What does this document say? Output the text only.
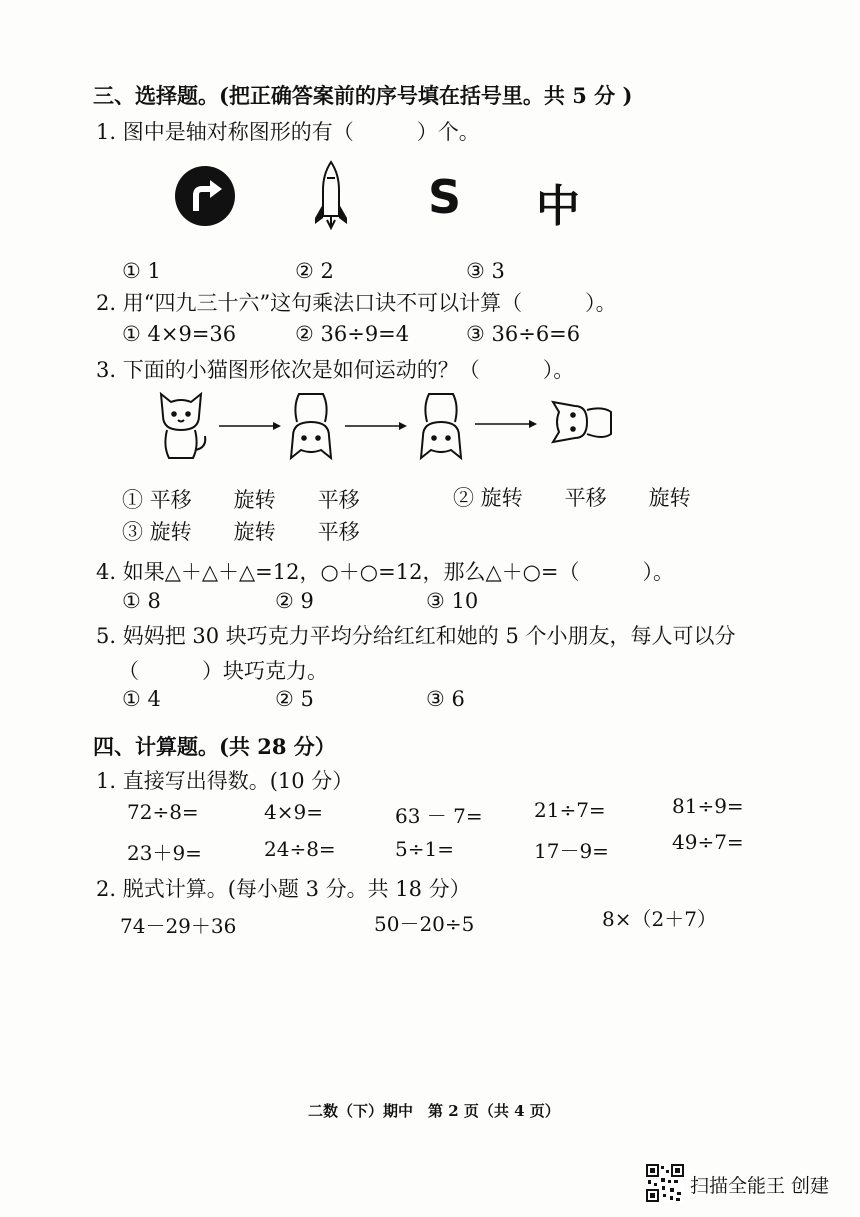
三、选择题。(把正确答案前的序号填在括号里。共 5 分 )
1. 图中是轴对称图形的有（　　　）个。
S 中
① 1	② 2	③ 3
2. 用“四九三十六”这句乘法口诀不可以计算（　　　）。
① 4×9=36	② 36÷9=4	③ 36÷6=6
3. 下面的小猫图形依次是如何运动的？（　　　）。
① 平移　　旋转　　平移	② 旋转　　平移　　旋转
③ 旋转　　旋转　　平移
4. 如果△＋△＋△=12，○＋○=12，那么△＋○=（　　　）。
① 8	② 9	③ 10
5. 妈妈把 30 块巧克力平均分给红红和她的 5 个小朋友，每人可以分
（　　　）块巧克力。
① 4	② 5	③ 6
四、计算题。(共 28 分）
1. 直接写出得数。(10 分）
72÷8=	4×9=	63 － 7=	21÷7=	81÷9=
23＋9=	24÷8=	5÷1=	17－9=	49÷7=
2. 脱式计算。(每小题 3 分。共 18 分）
74－29＋36	50－20÷5	8×（2＋7）
二数（下）期中　第 2 页（共 4 页）
扫描全能王 创建
